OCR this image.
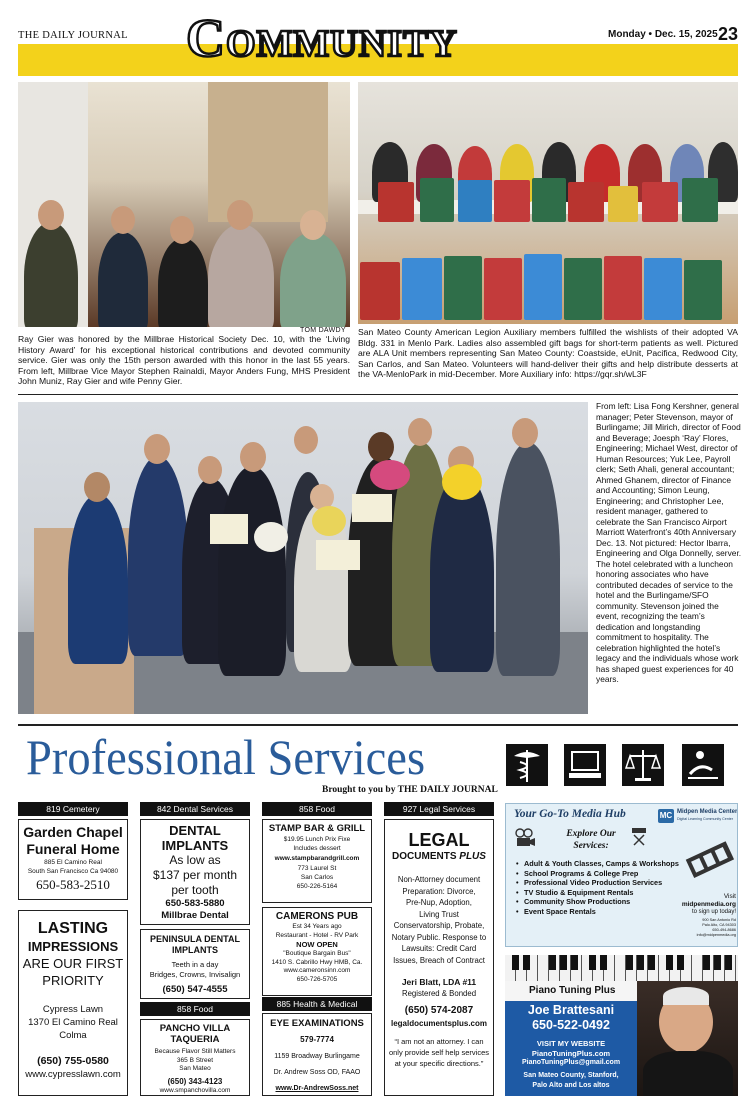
THE DAILY JOURNAL Community	Monday • Dec. 15, 2025 23
TOM DAWDY
Ray Gier was honored by the Millbrae Historical Society Dec. 10, with the ‘Living History Award’ for his exceptional historical contributions and devoted community service. Gier was only the 15th person awarded with this honor in the last 55 years. From left, Millbrae Vice Mayor Stephen Rainaldi, Mayor Anders Fung, MHS President John Muniz, Ray Gier and wife Penny Gier.
San Mateo County American Legion Auxiliary members fulfilled the wishlists of their adopted VA Bldg. 331 in Menlo Park. Ladies also assembled gift bags for short-term patients as well. Pictured are ALA Unit members representing San Mateo County: Coastside, eUnit, Pacifica, Redwood City, San Carlos, and San Mateo. Volunteers will hand-deliver their gifts and help distribute desserts at the VA-MenloPark in mid-December. More Auxiliary info: https://gqr.sh/wL3F
From left: Lisa Fong Kershner, general manager; Peter Stevenson, mayor of Burlingame; Jill Mirich, director of Food and Beverage; Joesph ‘Ray’ Flores, Engineering; Michael West, director of Human Resources; Yuk Lee, Payroll clerk; Seth Ahali, general accountant; Ahmed Ghanem, director of Finance and Accounting; Simon Leung, Engineering; and Christopher Lee, resident manager, gathered to celebrate the San Francisco Airport Marriott Waterfront’s 40th Anniversary Dec. 13. Not pictured: Hector Ibarra, Engineering and Olga Donnelly, server. The hotel celebrated with a luncheon honoring associates who have contributed decades of service to the hotel and the Burlingame/SFO community. Stevenson joined the event, recognizing the team’s dedication and longstanding commitment to hospitality. The celebration highlighted the hotel’s legacy and the individuals whose work has shaped guest experiences for 40 years.
Professional Services
Brought to you by THE DAILY JOURNAL
819 Cemetery	842 Dental Services	858 Food	927 Legal Services
Garden Chapel
Funeral Home
885 El Camino Real
South San Francisco Ca 94080
650-583-2510
LASTING
IMPRESSIONS
ARE OUR FIRST
PRIORITY
Cypress Lawn
1370 El Camino Real
Colma
(650) 755-0580
www.cypresslawn.com
DENTAL
IMPLANTS
As low as
$137 per month
per tooth
650-583-5880
Millbrae Dental
PENINSULA DENTAL
IMPLANTS
Teeth in a day
Bridges, Crowns, Invisalign
(650) 547-4555
858 Food
PANCHO VILLA
TAQUERIA
Because Flavor Still Matters
365 B Street
San Mateo
(650) 343-4123
www.smpanchovilla.com
STAMP BAR & GRILL
$19.95 Lunch Prix Fixe
Includes dessert
www.stampbarandgrill.com
773 Laurel St
San Carlos
650-226-5164
CAMERONS PUB
Est 34 Years ago
Restaurant - Hotel - RV Park
NOW OPEN
"Boutique Bargain Bus"
1410 S. Cabrillo Hwy HMB, Ca.
www.cameronsinn.com
650-726-5705
885 Health & Medical
EYE EXAMINATIONS
579-7774
1159 Broadway Burlingame
Dr. Andrew Soss OD, FAAO
www.Dr-AndrewSoss.net
LEGAL
DOCUMENTS PLUS
Non-Attorney document
Preparation: Divorce,
Pre-Nup, Adoption,
Living Trust
Conservatorship, Probate,
Notary Public. Response to
Lawsuits: Credit Card
Issues, Breach of Contract
Jeri Blatt, LDA #11
Registered & Bonded
(650) 574-2087
legaldocumentsplus.com
“I am not an attorney. I can
only provide self help services
at your specific directions.”
Your Go-To Media Hub	MC Midpen Media Center
Digital Learning Community Center
Explore Our
Services:
• Adult & Youth Classes, Camps & Workshops
• School Programs & College Prep
• Professional Video Production Services
• TV Studio & Equipment Rentals
• Community Show Productions
• Event Space Rentals
Visit
midpenmedia.org
to sign up today!
900 San Antonio Rd
Palo Alto, CA 94303
650-494-8686
info@midpenmedia.org
Piano Tuning Plus
Joe Brattesani
650-522-0492
VISIT MY WEBSITE
PianoTuningPlus.com
PianoTuningPlus@gmail.com
San Mateo County, Stanford,
Palo Alto and Los altos
